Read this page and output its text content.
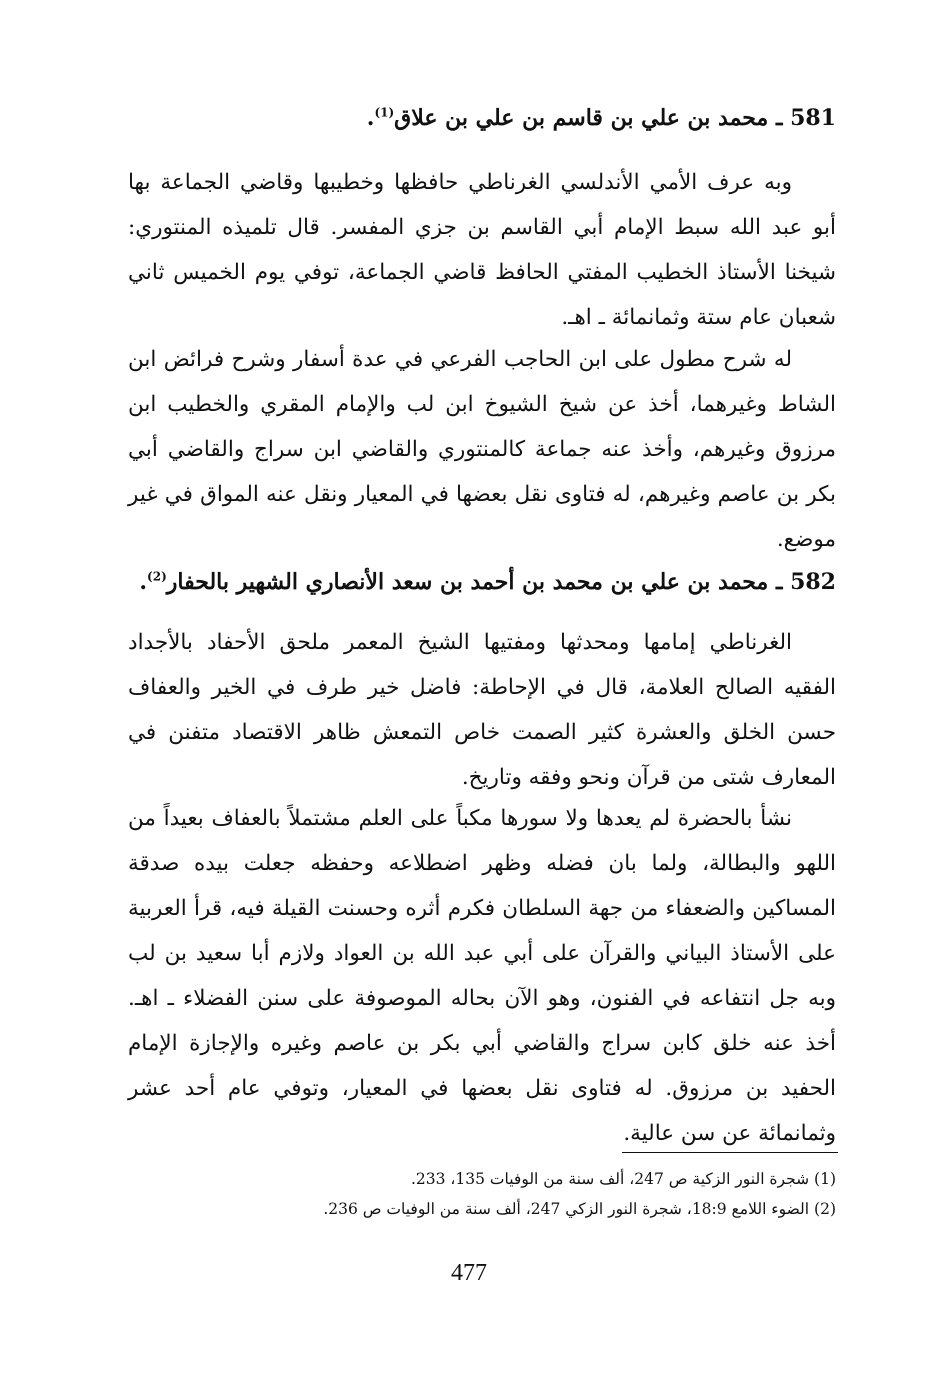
581 ـ محمد بن علي بن قاسم بن علي بن علاق$^{(1)}$.
وبه عرف الأمي الأندلسي الغرناطي حافظها وخطيبها وقاضي الجماعة بها أبو عبد الله سبط الإمام أبي القاسم بن جزي المفسر. قال تلميذه المنتوري: شيخنا الأستاذ الخطيب المفتي الحافظ قاضي الجماعة، توفي يوم الخميس ثاني شعبان عام ستة وثمانمائة ـ اهـ.
له شرح مطول على ابن الحاجب الفرعي في عدة أسفار وشرح فرائض ابن الشاط وغيرهما، أخذ عن شيخ الشيوخ ابن لب والإمام المقري والخطيب ابن مرزوق وغيرهم، وأخذ عنه جماعة كالمنتوري والقاضي ابن سراج والقاضي أبي بكر بن عاصم وغيرهم، له فتاوى نقل بعضها في المعيار ونقل عنه المواق في غير موضع.
582 ـ محمد بن علي بن محمد بن أحمد بن سعد الأنصاري الشهير بالحفار$^{(2)}$.
الغرناطي إمامها ومحدثها ومفتيها الشيخ المعمر ملحق الأحفاد بالأجداد الفقيه الصالح العلامة، قال في الإحاطة: فاضل خير طرف في الخير والعفاف حسن الخلق والعشرة كثير الصمت خاص التمعش ظاهر الاقتصاد متفنن في المعارف شتى من قرآن ونحو وفقه وتاريخ.
نشأ بالحضرة لم يعدها ولا سورها مكباً على العلم مشتملاً بالعفاف بعيداً من اللهو والبطالة، ولما بان فضله وظهر اضطلاعه وحفظه جعلت بيده صدقة المساكين والضعفاء من جهة السلطان فكرم أثره وحسنت القيلة فيه، قرأ العربية على الأستاذ البياني والقرآن على أبي عبد الله بن العواد ولازم أبا سعيد بن لب وبه جل انتفاعه في الفنون، وهو الآن بحاله الموصوفة على سنن الفضلاء ـ اهـ. أخذ عنه خلق كابن سراج والقاضي أبي بكر بن عاصم وغيره والإجازة الإمام الحفيد بن مرزوق. له فتاوى نقل بعضها في المعيار، وتوفي عام أحد عشر وثمانمائة عن سن عالية.
(1) شجرة النور الزكية ص 247، ألف سنة من الوفيات 135، 233.
(2) الضوء اللامع 18:9، شجرة النور الزكي 247، ألف سنة من الوفيات ص 236.
477
